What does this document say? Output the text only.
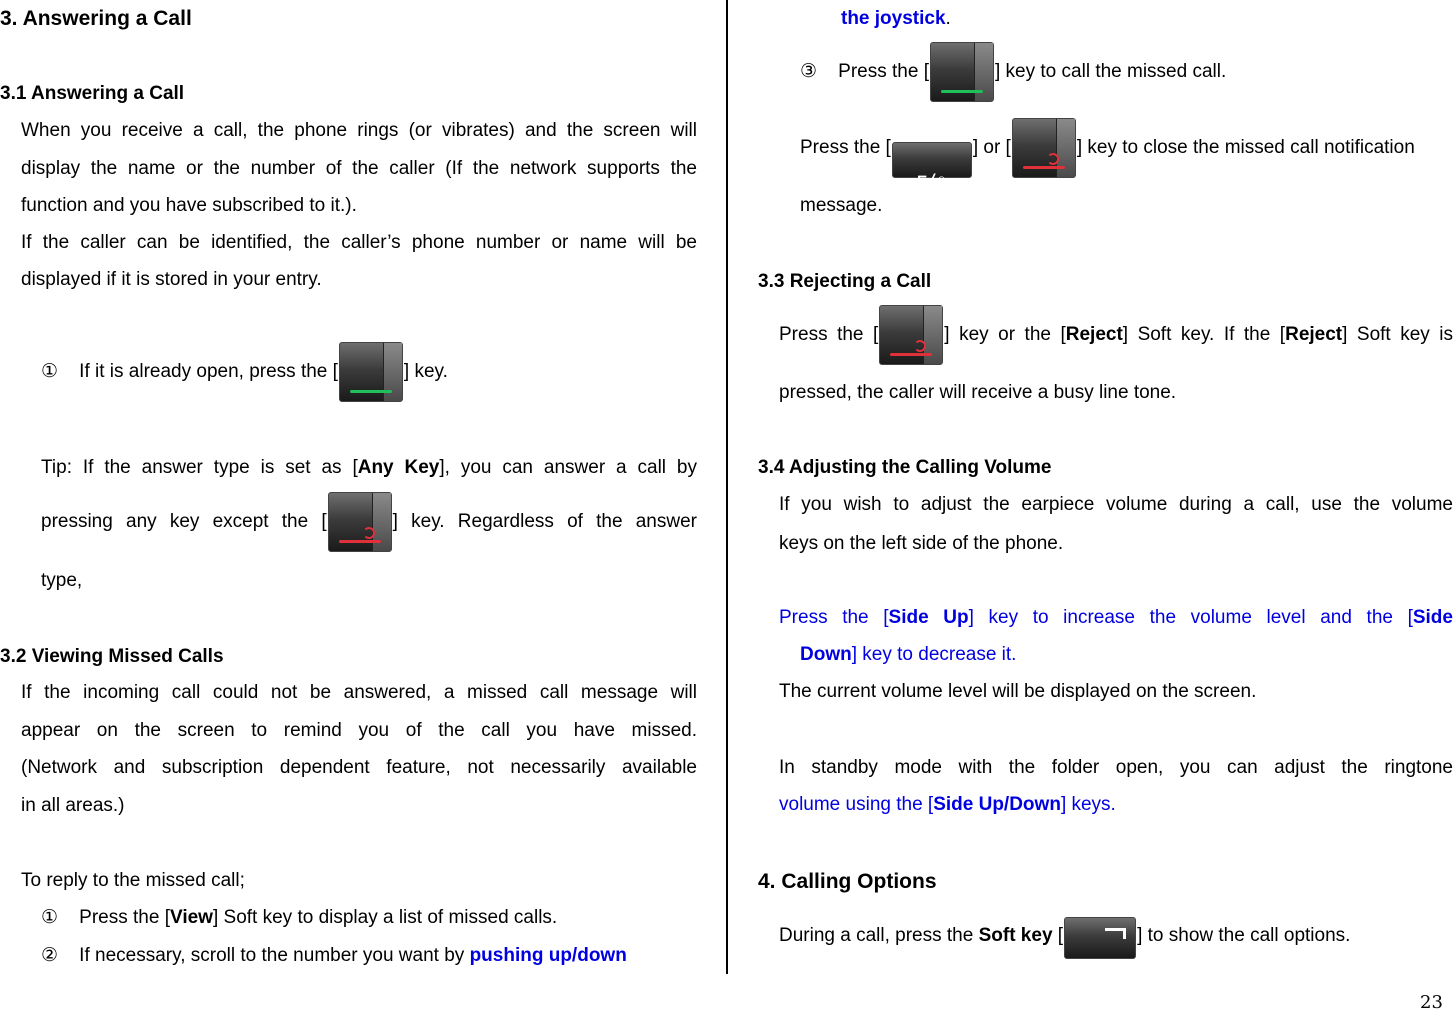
3. Answering a Call
3.1 Answering a Call
When you receive a call, the phone rings (or vibrates) and the screen will
display the name or the number of the caller (If the network supports the
function and you have subscribed to it.).
If the caller can be identified, the caller’s phone number or name will be
displayed if it is stored in your entry.
① If it is already open, press the [	] key.
Tip: If the answer type is set as [Any Key], you can answer a call by
pressing any key except the [	] key. Regardless of the answer
type,
3.2 Viewing Missed Calls
If the incoming call could not be answered, a missed call message will
appear on the screen to remind you of the call you have missed.
(Network and subscription dependent feature, not necessarily available
in all areas.)
To reply to the missed call;
① Press the [View] Soft key to display a list of missed calls.
② If necessary, scroll to the number you want by pushing up/down
the joystick.
③ Press the [	] key to call the missed call.
Press the [
⊏/◦
] or [	] key to close the missed call notification
message.
3.3 Rejecting a Call
Press the [	] key or the [Reject] Soft key. If the [Reject] Soft key is
pressed, the caller will receive a busy line tone.
3.4 Adjusting the Calling Volume
If you wish to adjust the earpiece volume during a call, use the volume
keys on the left side of the phone.
Press the [Side Up] key to increase the volume level and the [Side
Down] key to decrease it.
The current volume level will be displayed on the screen.
In standby mode with the folder open, you can adjust the ringtone
volume using the [Side Up/Down] keys.
4. Calling Options
During a call, press the Soft key [	] to show the call options.
23
